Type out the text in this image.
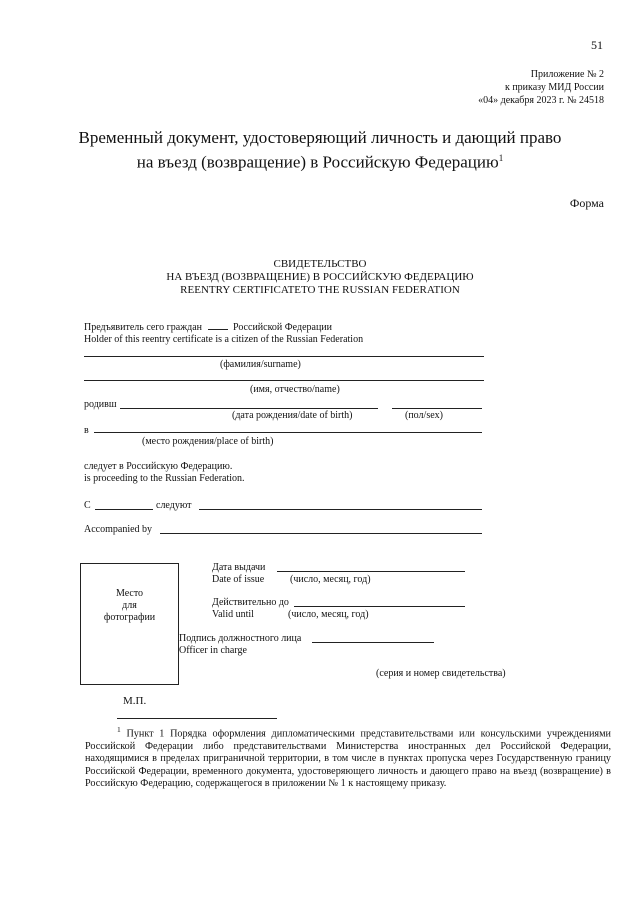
51
Приложение № 2
к приказу МИД России
«04» декабря 2023 г. № 24518
Временный документ, удостоверяющий личность и дающий право
на въезд (возвращение) в Российскую Федерацию$^1$
Форма
СВИДЕТЕЛЬСТВО
НА ВЪЕЗД (ВОЗВРАЩЕНИЕ) В РОССИЙСКУЮ ФЕДЕРАЦИЮ
REENTRY CERTIFICATETO THE RUSSIAN FEDERATION
Предъявитель сего граждан	Российской Федерации
Holder of this reentry certificate is a citizen of the Russian Federation
(фамилия/surname)
(имя, отчество/name)
родивш
(дата рождения/date of birth)	(пол/sex)
в
(место рождения/place of birth)
следует в Российскую Федерацию.
is proceeding to the Russian Federation.
С	следуют
Accompanied by
Место
для
фотографии
Дата выдачи
Date of issue	(число, месяц, год)
Действительно до
Valid until	(число, месяц, год)
Подпись должностного лица
Officer in charge
(серия и номер свидетельства)
М.П.
$^1$ Пункт 1 Порядка оформления дипломатическими представительствами или консульскими учреждениями Российской Федерации либо представительствами Министерства иностранных дел Российской Федерации, находящимися в пределах приграничной территории, в том числе в пунктах пропуска через Государственную границу Российской Федерации, временного документа, удостоверяющего личность и дающего право на въезд (возвращение) в Российскую Федерацию, содержащегося в приложении № 1 к настоящему приказу.
